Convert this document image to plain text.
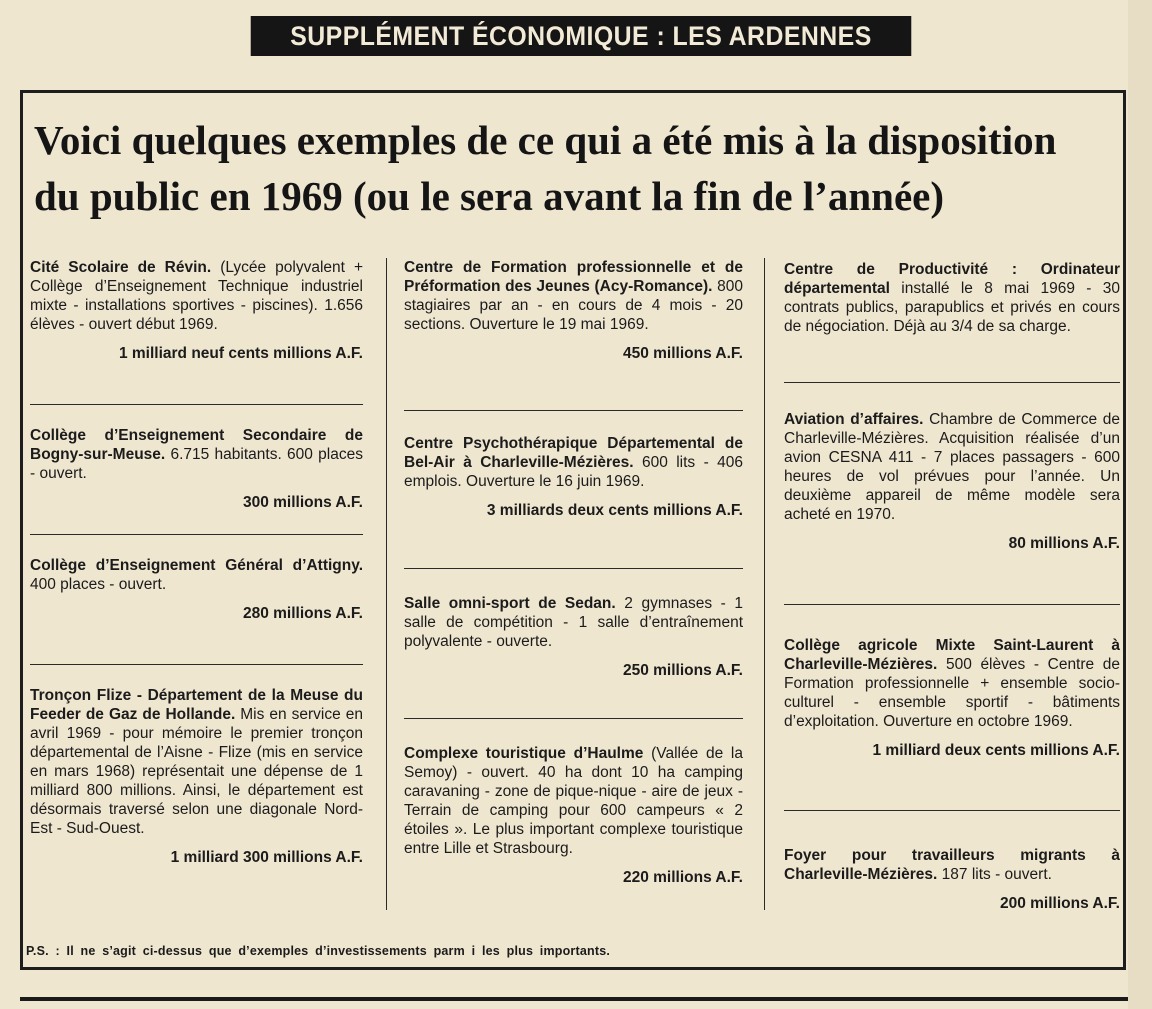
SUPPLÉMENT ÉCONOMIQUE : LES ARDENNES
Voici quelques exemples de ce qui a été mis à la disposition
du public en 1969 (ou le sera avant la fin de l’année)

Cité Scolaire de Révin. (Lycée polyvalent + Collège d’Enseignement Technique industriel mixte - installations sportives - piscines). 1.656 élèves - ouvert début 1969.

1 milliard neuf cents millions A.F.

Collège d’Enseignement Secondaire de Bogny-sur-Meuse. 6.715 habitants. 600 places - ouvert.

300 millions A.F.

Collège d’Enseignement Général d’Attigny. 400 places - ouvert.

280 millions A.F.

Tronçon Flize - Département de la Meuse du Feeder de Gaz de Hollande. Mis en service en avril 1969 - pour mémoire le premier tronçon départemental de l’Aisne - Flize (mis en service en mars 1968) représentait une dépense de 1 milliard 800 millions. Ainsi, le département est désormais traversé selon une diagonale Nord-Est - Sud-Ouest.

1 milliard 300 millions A.F.

Centre de Formation professionnelle et de Préformation des Jeunes (Acy-Romance). 800 stagiaires par an - en cours de 4 mois - 20 sections. Ouverture le 19 mai 1969.

450 millions A.F.

Centre Psychothérapique Départemental de Bel-Air à Charleville-Mézières. 600 lits - 406 emplois. Ouverture le 16 juin 1969.

3 milliards deux cents millions A.F.

Salle omni-sport de Sedan. 2 gymnases - 1 salle de compétition - 1 salle d’entraînement polyvalente - ouverte.

250 millions A.F.

Complexe touristique d’Haulme (Vallée de la Semoy) - ouvert. 40 ha dont 10 ha camping caravaning - zone de pique-nique - aire de jeux - Terrain de camping pour 600 campeurs « 2 étoiles ». Le plus important complexe touristique entre Lille et Strasbourg.

220 millions A.F.

Centre de Productivité : Ordinateur départemental installé le 8 mai 1969 - 30 contrats publics, parapublics et privés en cours de négociation. Déjà au 3/4 de sa charge.

Aviation d’affaires. Chambre de Commerce de Charleville-Mézières. Acquisition réalisée d’un avion CESNA 411 - 7 places passagers - 600 heures de vol prévues pour l’année. Un deuxième appareil de même modèle sera acheté en 1970.

80 millions A.F.

Collège agricole Mixte Saint-Laurent à Charleville-Mézières. 500 élèves - Centre de Formation professionnelle + ensemble socio-culturel - ensemble sportif - bâtiments d’exploitation. Ouverture en octobre 1969.

1 milliard deux cents millions A.F.

Foyer pour travailleurs migrants à Charleville-Mézières. 187 lits - ouvert.

200 millions A.F.

P.S. : Il ne s’agit ci-dessus que d’exemples d’investissements parm i les plus importants.
